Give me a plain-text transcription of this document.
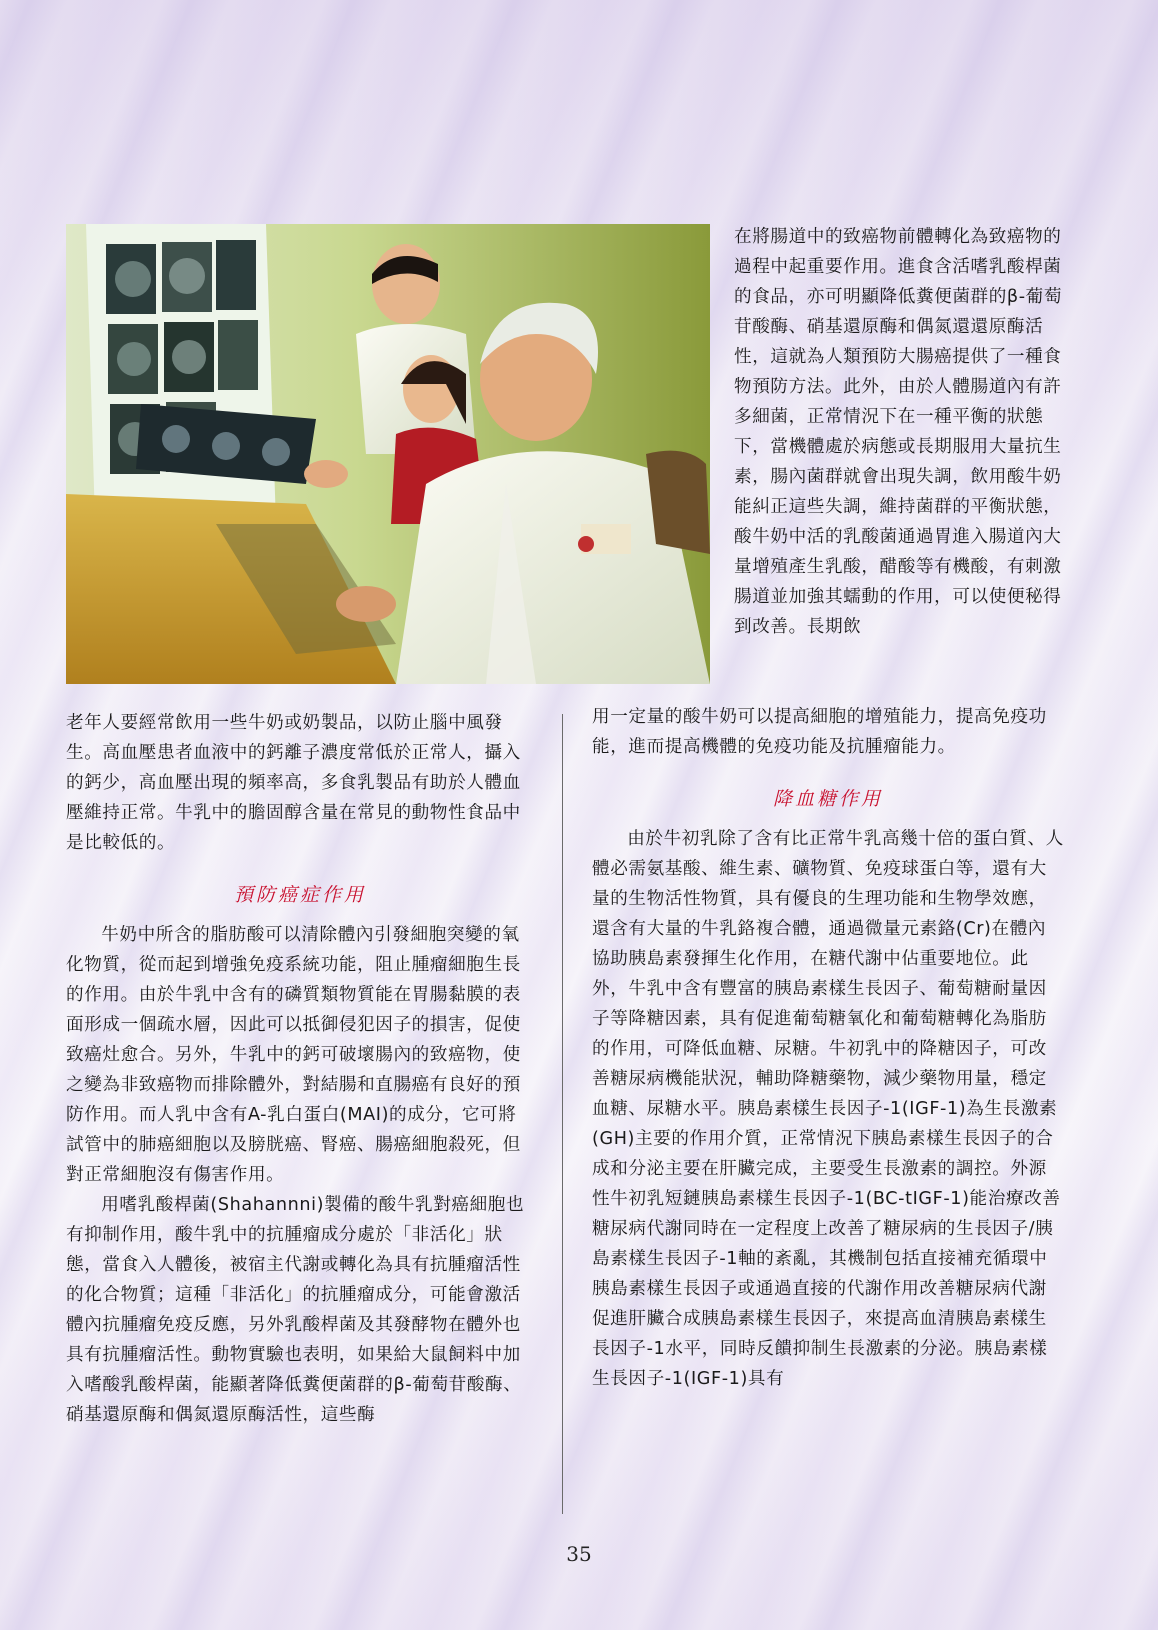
在將腸道中的致癌物前體轉化為致癌物的過程中起重要作用。進食含活嗜乳酸桿菌的食品，亦可明顯降低糞便菌群的β-葡萄苷酸酶、硝基還原酶和偶氮還還原酶活性，這就為人類預防大腸癌提供了一種食物預防方法。此外，由於人體腸道內有許多細菌，正常情況下在一種平衡的狀態下，當機體處於病態或長期服用大量抗生素，腸內菌群就會出現失調，飲用酸牛奶能糾正這些失調，維持菌群的平衡狀態，酸牛奶中活的乳酸菌通過胃進入腸道內大量增殖產生乳酸，醋酸等有機酸，有刺激腸道並加強其蠕動的作用，可以使便秘得到改善。長期飲

老年人要經常飲用一些牛奶或奶製品，以防止腦中風發生。高血壓患者血液中的鈣離子濃度常低於正常人，攝入的鈣少，高血壓出現的頻率高，多食乳製品有助於人體血壓維持正常。牛乳中的膽固醇含量在常見的動物性食品中是比較低的。

預防癌症作用

牛奶中所含的脂肪酸可以清除體內引發細胞突變的氧化物質，從而起到增強免疫系統功能，阻止腫瘤細胞生長的作用。由於牛乳中含有的磷質類物質能在胃腸黏膜的表面形成一個疏水層，因此可以抵御侵犯因子的損害，促使致癌灶愈合。另外，牛乳中的鈣可破壞腸內的致癌物，使之變為非致癌物而排除體外，對結腸和直腸癌有良好的預防作用。而人乳中含有A-乳白蛋白(MAI)的成分，它可將試管中的肺癌細胞以及膀胱癌、腎癌、腸癌細胞殺死，但對正常細胞沒有傷害作用。

用嗜乳酸桿菌(Shahannni)製備的酸牛乳對癌細胞也有抑制作用，酸牛乳中的抗腫瘤成分處於「非活化」狀態，當食入人體後，被宿主代謝或轉化為具有抗腫瘤活性的化合物質；這種「非活化」的抗腫瘤成分，可能會激活體內抗腫瘤免疫反應，另外乳酸桿菌及其發酵物在體外也具有抗腫瘤活性。動物實驗也表明，如果給大鼠飼料中加入嗜酸乳酸桿菌，能顯著降低糞便菌群的β-葡萄苷酸酶、硝基還原酶和偶氮還原酶活性，這些酶

用一定量的酸牛奶可以提高細胞的增殖能力，提高免疫功能，進而提高機體的免疫功能及抗腫瘤能力。

降血糖作用

由於牛初乳除了含有比正常牛乳高幾十倍的蛋白質、人體必需氨基酸、維生素、礦物質、免疫球蛋白等，還有大量的生物活性物質，具有優良的生理功能和生物學效應，還含有大量的牛乳鉻複合體，通過微量元素鉻(Cr)在體內協助胰島素發揮生化作用，在糖代謝中佔重要地位。此外，牛乳中含有豐富的胰島素樣生長因子、葡萄糖耐量因子等降糖因素，具有促進葡萄糖氧化和葡萄糖轉化為脂肪的作用，可降低血糖、尿糖。牛初乳中的降糖因子，可改善糖尿病機能狀況，輔助降糖藥物，減少藥物用量，穩定血糖、尿糖水平。胰島素樣生長因子-1(IGF-1)為生長激素(GH)主要的作用介質，正常情況下胰島素樣生長因子的合成和分泌主要在肝臟完成，主要受生長激素的調控。外源性牛初乳短鏈胰島素樣生長因子-1(BC-tIGF-1)能治療改善糖尿病代謝同時在一定程度上改善了糖尿病的生長因子/胰島素樣生長因子-1軸的紊亂，其機制包括直接補充循環中胰島素樣生長因子或通過直接的代謝作用改善糖尿病代謝促進肝臟合成胰島素樣生長因子，來提高血清胰島素樣生長因子-1水平，同時反饋抑制生長激素的分泌。胰島素樣生長因子-1(IGF-1)具有

35
